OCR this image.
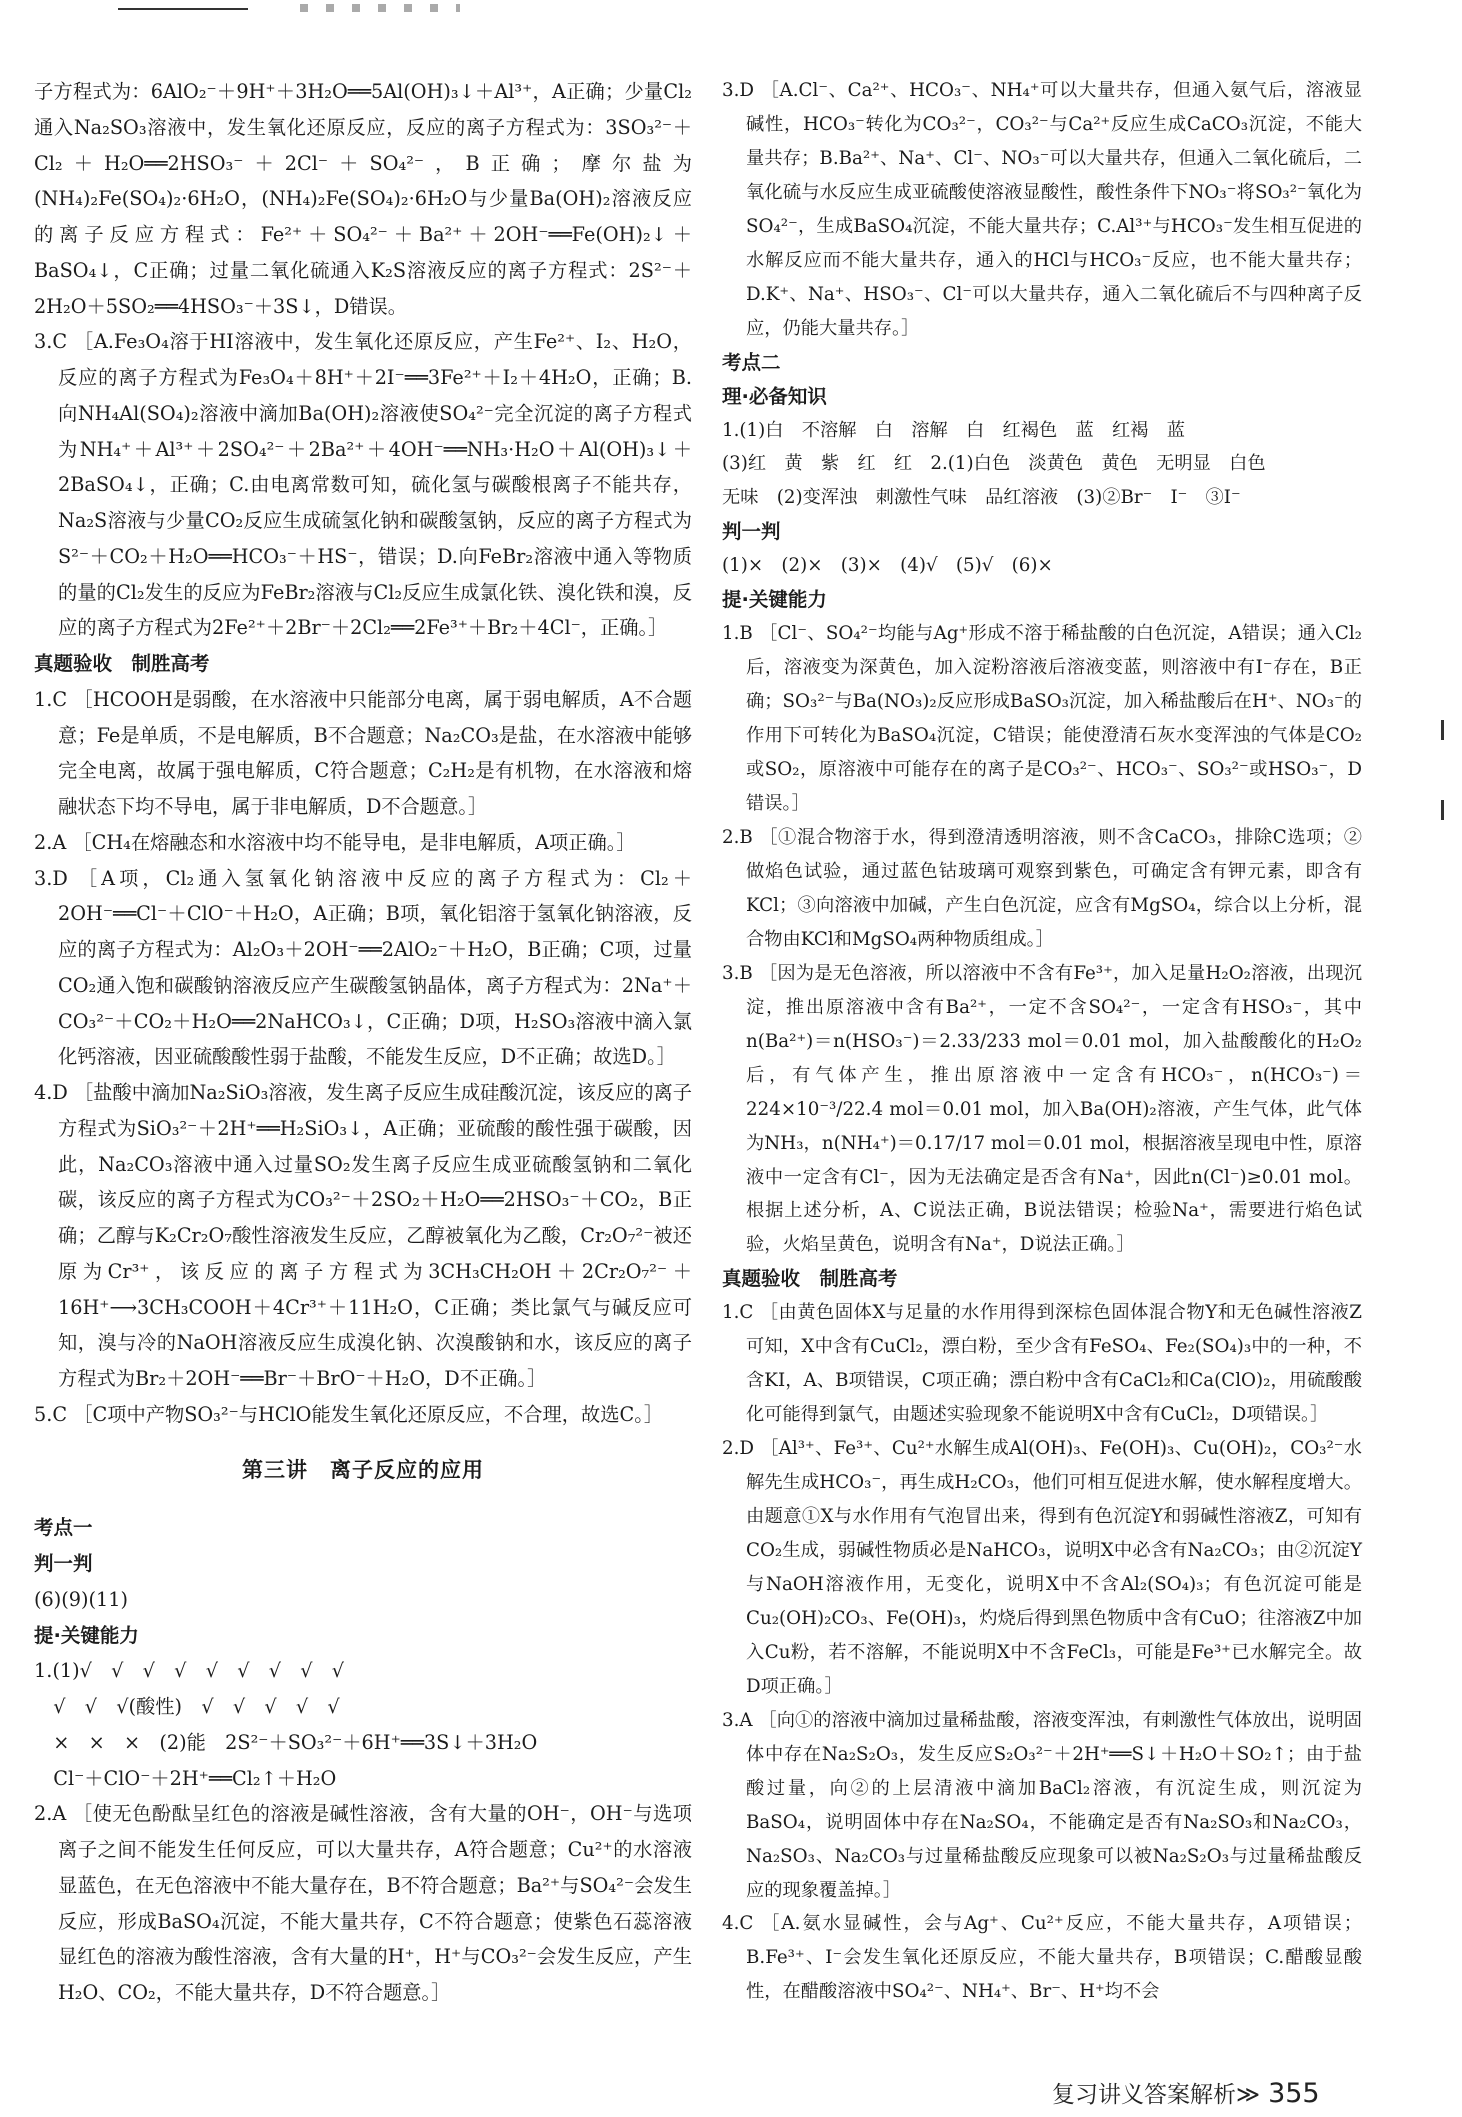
子方程式为：6AlO₂⁻＋9H⁺＋3H₂O══5Al(OH)₃↓＋Al³⁺，A正确；少量Cl₂通入Na₂SO₃溶液中，发生氧化还原反应，反应的离子方程式为：3SO₃²⁻＋Cl₂＋H₂O══2HSO₃⁻＋2Cl⁻＋SO₄²⁻，B正确；摩尔盐为(NH₄)₂Fe(SO₄)₂·6H₂O，(NH₄)₂Fe(SO₄)₂·6H₂O与少量Ba(OH)₂溶液反应的离子反应方程式：Fe²⁺＋SO₄²⁻＋Ba²⁺＋2OH⁻══Fe(OH)₂↓＋BaSO₄↓，C正确；过量二氧化硫通入K₂S溶液反应的离子方程式：2S²⁻＋2H₂O＋5SO₂══4HSO₃⁻＋3S↓，D错误。

3.C ［A.Fe₃O₄溶于HI溶液中，发生氧化还原反应，产生Fe²⁺、I₂、H₂O，反应的离子方程式为Fe₃O₄＋8H⁺＋2I⁻══3Fe²⁺＋I₂＋4H₂O，正确；B.向NH₄Al(SO₄)₂溶液中滴加Ba(OH)₂溶液使SO₄²⁻完全沉淀的离子方程式为NH₄⁺＋Al³⁺＋2SO₄²⁻＋2Ba²⁺＋4OH⁻══NH₃·H₂O＋Al(OH)₃↓＋2BaSO₄↓，正确；C.由电离常数可知，硫化氢与碳酸根离子不能共存，Na₂S溶液与少量CO₂反应生成硫氢化钠和碳酸氢钠，反应的离子方程式为S²⁻＋CO₂＋H₂O══HCO₃⁻＋HS⁻，错误；D.向FeBr₂溶液中通入等物质的量的Cl₂发生的反应为FeBr₂溶液与Cl₂反应生成氯化铁、溴化铁和溴，反应的离子方程式为2Fe²⁺＋2Br⁻＋2Cl₂══2Fe³⁺＋Br₂＋4Cl⁻，正确。］

真题验收　制胜高考

1.C ［HCOOH是弱酸，在水溶液中只能部分电离，属于弱电解质，A不合题意；Fe是单质，不是电解质，B不合题意；Na₂CO₃是盐，在水溶液中能够完全电离，故属于强电解质，C符合题意；C₂H₂是有机物，在水溶液和熔融状态下均不导电，属于非电解质，D不合题意。］

2.A ［CH₄在熔融态和水溶液中均不能导电，是非电解质，A项正确。］

3.D ［A项，Cl₂通入氢氧化钠溶液中反应的离子方程式为：Cl₂＋2OH⁻══Cl⁻＋ClO⁻＋H₂O，A正确；B项，氧化铝溶于氢氧化钠溶液，反应的离子方程式为：Al₂O₃＋2OH⁻══2AlO₂⁻＋H₂O，B正确；C项，过量CO₂通入饱和碳酸钠溶液反应产生碳酸氢钠晶体，离子方程式为：2Na⁺＋CO₃²⁻＋CO₂＋H₂O══2NaHCO₃↓，C正确；D项，H₂SO₃溶液中滴入氯化钙溶液，因亚硫酸酸性弱于盐酸，不能发生反应，D不正确；故选D。］

4.D ［盐酸中滴加Na₂SiO₃溶液，发生离子反应生成硅酸沉淀，该反应的离子方程式为SiO₃²⁻＋2H⁺══H₂SiO₃↓，A正确；亚硫酸的酸性强于碳酸，因此，Na₂CO₃溶液中通入过量SO₂发生离子反应生成亚硫酸氢钠和二氧化碳，该反应的离子方程式为CO₃²⁻＋2SO₂＋H₂O══2HSO₃⁻＋CO₂，B正确；乙醇与K₂Cr₂O₇酸性溶液发生反应，乙醇被氧化为乙酸，Cr₂O₇²⁻被还原为Cr³⁺，该反应的离子方程式为3CH₃CH₂OH＋2Cr₂O₇²⁻＋16H⁺⟶3CH₃COOH＋4Cr³⁺＋11H₂O，C正确；类比氯气与碱反应可知，溴与冷的NaOH溶液反应生成溴化钠、次溴酸钠和水，该反应的离子方程式为Br₂＋2OH⁻══Br⁻＋BrO⁻＋H₂O，D不正确。］

5.C ［C项中产物SO₃²⁻与HClO能发生氧化还原反应，不合理，故选C。］

第三讲　离子反应的应用

考点一

判一判

(6)(9)(11)

提·关键能力

1.(1)√　√　√　√　√　√　√　√　√

　√　√　√(酸性)　√　√　√　√　√

　×　×　×　(2)能　2S²⁻＋SO₃²⁻＋6H⁺══3S↓＋3H₂O

　Cl⁻＋ClO⁻＋2H⁺══Cl₂↑＋H₂O

2.A ［使无色酚酞呈红色的溶液是碱性溶液，含有大量的OH⁻，OH⁻与选项离子之间不能发生任何反应，可以大量共存，A符合题意；Cu²⁺的水溶液显蓝色，在无色溶液中不能大量存在，B不符合题意；Ba²⁺与SO₄²⁻会发生反应，形成BaSO₄沉淀，不能大量共存，C不符合题意；使紫色石蕊溶液显红色的溶液为酸性溶液，含有大量的H⁺，H⁺与CO₃²⁻会发生反应，产生H₂O、CO₂，不能大量共存，D不符合题意。］

3.D ［A.Cl⁻、Ca²⁺、HCO₃⁻、NH₄⁺可以大量共存，但通入氨气后，溶液显碱性，HCO₃⁻转化为CO₃²⁻，CO₃²⁻与Ca²⁺反应生成CaCO₃沉淀，不能大量共存；B.Ba²⁺、Na⁺、Cl⁻、NO₃⁻可以大量共存，但通入二氧化硫后，二氧化硫与水反应生成亚硫酸使溶液显酸性，酸性条件下NO₃⁻将SO₃²⁻氧化为SO₄²⁻，生成BaSO₄沉淀，不能大量共存；C.Al³⁺与HCO₃⁻发生相互促进的水解反应而不能大量共存，通入的HCl与HCO₃⁻反应，也不能大量共存；D.K⁺、Na⁺、HSO₃⁻、Cl⁻可以大量共存，通入二氧化硫后不与四种离子反应，仍能大量共存。］

考点二

理·必备知识

1.(1)白　不溶解　白　溶解　白　红褐色　蓝　红褐　蓝

(3)红　黄　紫　红　红　2.(1)白色　淡黄色　黄色　无明显　白色

无味　(2)变浑浊　刺激性气味　品红溶液　(3)②Br⁻　I⁻　③I⁻

判一判

(1)×　(2)×　(3)×　(4)√　(5)√　(6)×

提·关键能力

1.B ［Cl⁻、SO₄²⁻均能与Ag⁺形成不溶于稀盐酸的白色沉淀，A错误；通入Cl₂后，溶液变为深黄色，加入淀粉溶液后溶液变蓝，则溶液中有I⁻存在，B正确；SO₃²⁻与Ba(NO₃)₂反应形成BaSO₃沉淀，加入稀盐酸后在H⁺、NO₃⁻的作用下可转化为BaSO₄沉淀，C错误；能使澄清石灰水变浑浊的气体是CO₂或SO₂，原溶液中可能存在的离子是CO₃²⁻、HCO₃⁻、SO₃²⁻或HSO₃⁻，D错误。］

2.B ［①混合物溶于水，得到澄清透明溶液，则不含CaCO₃，排除C选项；②做焰色试验，通过蓝色钴玻璃可观察到紫色，可确定含有钾元素，即含有KCl；③向溶液中加碱，产生白色沉淀，应含有MgSO₄，综合以上分析，混合物由KCl和MgSO₄两种物质组成。］

3.B ［因为是无色溶液，所以溶液中不含有Fe³⁺，加入足量H₂O₂溶液，出现沉淀，推出原溶液中含有Ba²⁺，一定不含SO₄²⁻，一定含有HSO₃⁻，其中n(Ba²⁺)＝n(HSO₃⁻)＝2.33/233 mol＝0.01 mol，加入盐酸酸化的H₂O₂后，有气体产生，推出原溶液中一定含有HCO₃⁻，n(HCO₃⁻)＝224×10⁻³/22.4 mol＝0.01 mol，加入Ba(OH)₂溶液，产生气体，此气体为NH₃，n(NH₄⁺)＝0.17/17 mol＝0.01 mol，根据溶液呈现电中性，原溶液中一定含有Cl⁻，因为无法确定是否含有Na⁺，因此n(Cl⁻)≥0.01 mol。根据上述分析，A、C说法正确，B说法错误；检验Na⁺，需要进行焰色试验，火焰呈黄色，说明含有Na⁺，D说法正确。］

真题验收　制胜高考

1.C ［由黄色固体X与足量的水作用得到深棕色固体混合物Y和无色碱性溶液Z可知，X中含有CuCl₂，漂白粉，至少含有FeSO₄、Fe₂(SO₄)₃中的一种，不含KI，A、B项错误，C项正确；漂白粉中含有CaCl₂和Ca(ClO)₂，用硫酸酸化可能得到氯气，由题述实验现象不能说明X中含有CuCl₂，D项错误。］

2.D ［Al³⁺、Fe³⁺、Cu²⁺水解生成Al(OH)₃、Fe(OH)₃、Cu(OH)₂，CO₃²⁻水解先生成HCO₃⁻，再生成H₂CO₃，他们可相互促进水解，使水解程度增大。由题意①X与水作用有气泡冒出来，得到有色沉淀Y和弱碱性溶液Z，可知有CO₂生成，弱碱性物质必是NaHCO₃，说明X中必含有Na₂CO₃；由②沉淀Y与NaOH溶液作用，无变化，说明X中不含Al₂(SO₄)₃；有色沉淀可能是Cu₂(OH)₂CO₃、Fe(OH)₃，灼烧后得到黑色物质中含有CuO；往溶液Z中加入Cu粉，若不溶解，不能说明X中不含FeCl₃，可能是Fe³⁺已水解完全。故D项正确。］

3.A ［向①的溶液中滴加过量稀盐酸，溶液变浑浊，有刺激性气体放出，说明固体中存在Na₂S₂O₃，发生反应S₂O₃²⁻＋2H⁺══S↓＋H₂O＋SO₂↑；由于盐酸过量，向②的上层清液中滴加BaCl₂溶液，有沉淀生成，则沉淀为BaSO₄，说明固体中存在Na₂SO₄，不能确定是否有Na₂SO₃和Na₂CO₃，Na₂SO₃、Na₂CO₃与过量稀盐酸反应现象可以被Na₂S₂O₃与过量稀盐酸反应的现象覆盖掉。］

4.C ［A.氨水显碱性，会与Ag⁺、Cu²⁺反应，不能大量共存，A项错误；B.Fe³⁺、I⁻会发生氧化还原反应，不能大量共存，B项错误；C.醋酸显酸性，在醋酸溶液中SO₄²⁻、NH₄⁺、Br⁻、H⁺均不会

复习讲义答案解析≫ 355
